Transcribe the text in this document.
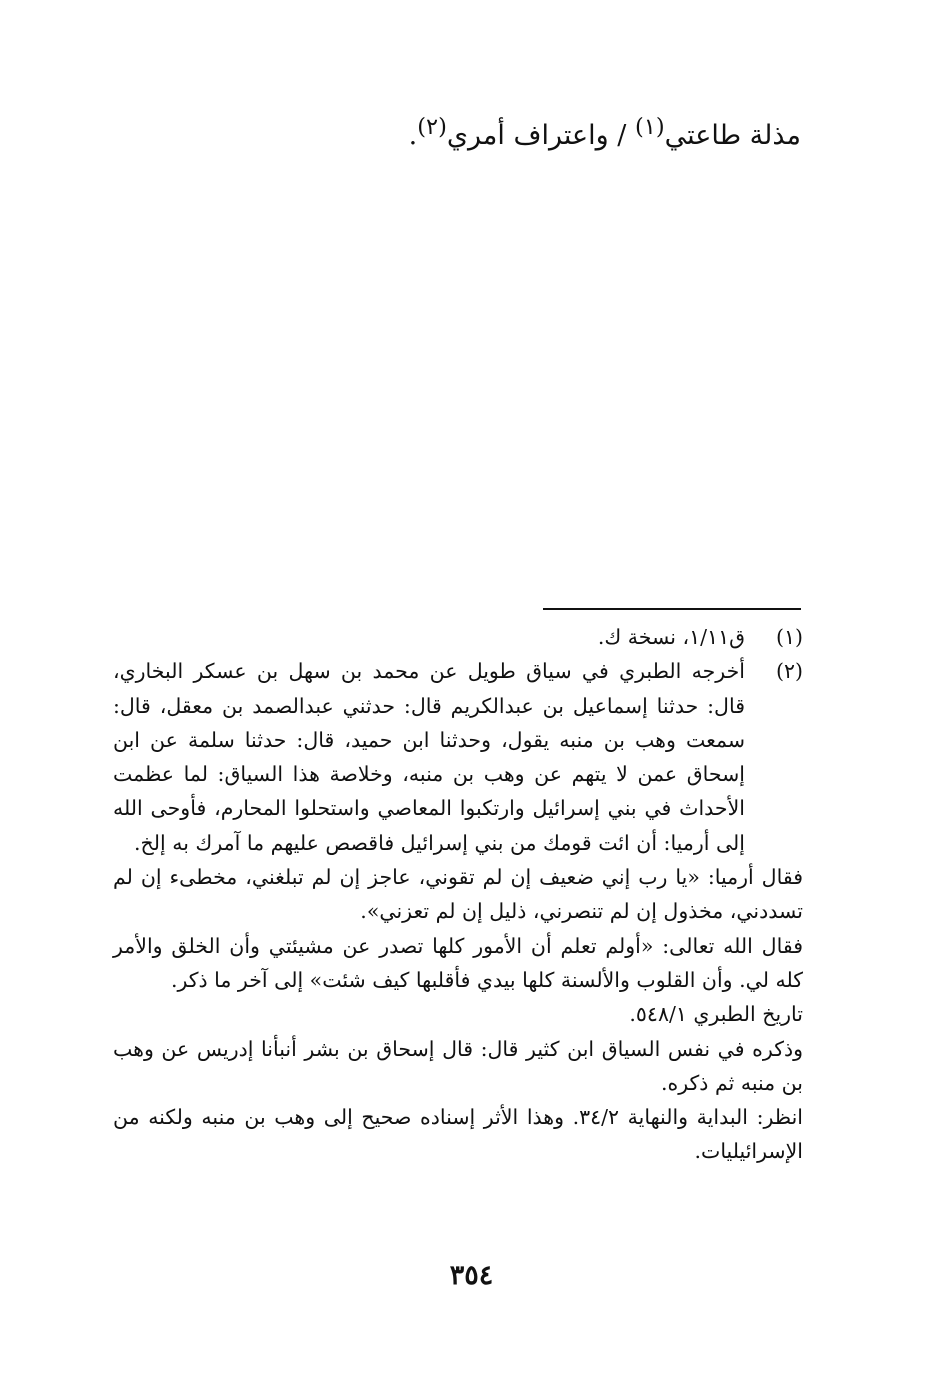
مذلة طاعتي$^{(١)}$ / واعتراف أمري$^{(٢)}$.

(١)
ق١/١١، نسخة ك.

(٢)
أخرجه الطبري في سياق طويل عن محمد بن سهل بن عسكر البخاري، قال: حدثنا إسماعيل بن عبدالكريم قال: حدثني عبدالصمد بن معقل، قال: سمعت وهب بن منبه يقول، وحدثنا ابن حميد، قال: حدثنا سلمة عن ابن إسحاق عمن لا يتهم عن وهب بن منبه، وخلاصة هذا السياق: لما عظمت الأحداث في بني إسرائيل وارتكبوا المعاصي واستحلوا المحارم، فأوحى الله إلى أرميا: أن ائت قومك من بني إسرائيل فاقصص عليهم ما آمرك به إلخ.

فقال أرميا: «يا رب إني ضعيف إن لم تقوني، عاجز إن لم تبلغني، مخطىء إن لم تسددني، مخذول إن لم تنصرني، ذليل إن لم تعزني».

فقال الله تعالى: «أولم تعلم أن الأمور كلها تصدر عن مشيئتي وأن الخلق والأمر كله لي. وأن القلوب والألسنة كلها بيدي فأقلبها كيف شئت» إلى آخر ما ذكر.

تاريخ الطبري ٥٤٨/١.

وذكره في نفس السياق ابن كثير قال: قال إسحاق بن بشر أنبأنا إدريس عن وهب بن منبه ثم ذكره.

انظر: البداية والنهاية ٣٤/٢. وهذا الأثر إسناده صحيح إلى وهب بن منبه ولكنه من الإسرائيليات.

٣٥٤
